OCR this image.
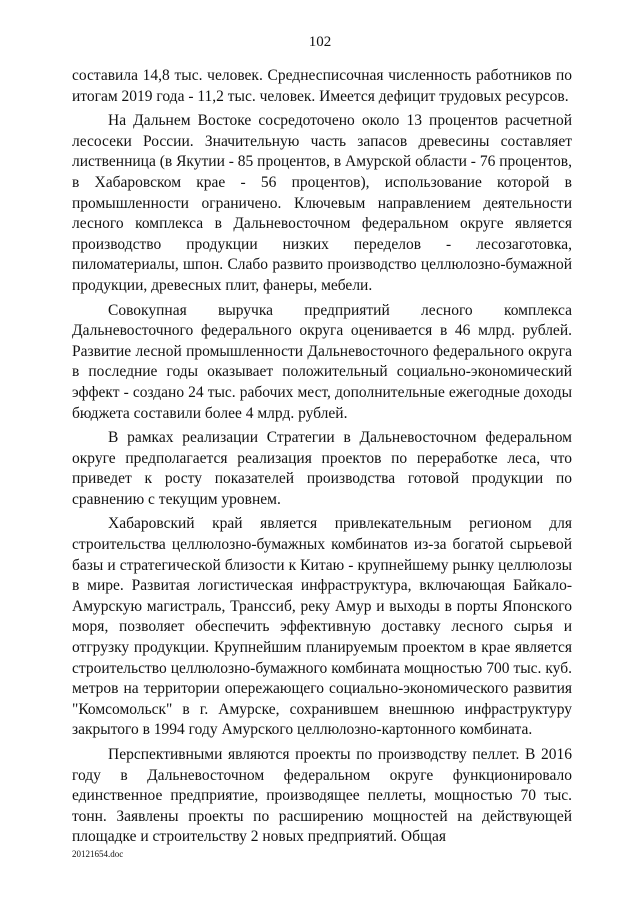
102

составила 14,8 тыс. человек. Среднесписочная численность работников по итогам 2019 года - 11,2 тыс. человек. Имеется дефицит трудовых ресурсов.

На Дальнем Востоке сосредоточено около 13 процентов расчетной лесосеки России. Значительную часть запасов древесины составляет лиственница (в Якутии - 85 процентов, в Амурской области - 76 процентов, в Хабаровском крае - 56 процентов), использование которой в промышленности ограничено. Ключевым направлением деятельности лесного комплекса в Дальневосточном федеральном округе является производство продукции низких переделов - лесозаготовка, пиломатериалы, шпон. Слабо развито производство целлюлозно-бумажной продукции, древесных плит, фанеры, мебели.

Совокупная выручка предприятий лесного комплекса Дальневосточного федерального округа оценивается в 46 млрд. рублей. Развитие лесной промышленности Дальневосточного федерального округа в последние годы оказывает положительный социально-экономический эффект - создано 24 тыс. рабочих мест, дополнительные ежегодные доходы бюджета составили более 4 млрд. рублей.

В рамках реализации Стратегии в Дальневосточном федеральном округе предполагается реализация проектов по переработке леса, что приведет к росту показателей производства готовой продукции по сравнению с текущим уровнем.

Хабаровский край является привлекательным регионом для строительства целлюлозно-бумажных комбинатов из-за богатой сырьевой базы и стратегической близости к Китаю - крупнейшему рынку целлюлозы в мире. Развитая логистическая инфраструктура, включающая Байкало-Амурскую магистраль, Транссиб, реку Амур и выходы в порты Японского моря, позволяет обеспечить эффективную доставку лесного сырья и отгрузку продукции. Крупнейшим планируемым проектом в крае является строительство целлюлозно-бумажного комбината мощностью 700 тыс. куб. метров на территории опережающего социально-экономического развития "Комсомольск" в г. Амурске, сохранившем внешнюю инфраструктуру закрытого в 1994 году Амурского целлюлозно-картонного комбината.

Перспективными являются проекты по производству пеллет. В 2016 году в Дальневосточном федеральном округе функционировало единственное предприятие, производящее пеллеты, мощностью 70 тыс. тонн. Заявлены проекты по расширению мощностей на действующей площадке и строительству 2 новых предприятий. Общая

20121654.doc
